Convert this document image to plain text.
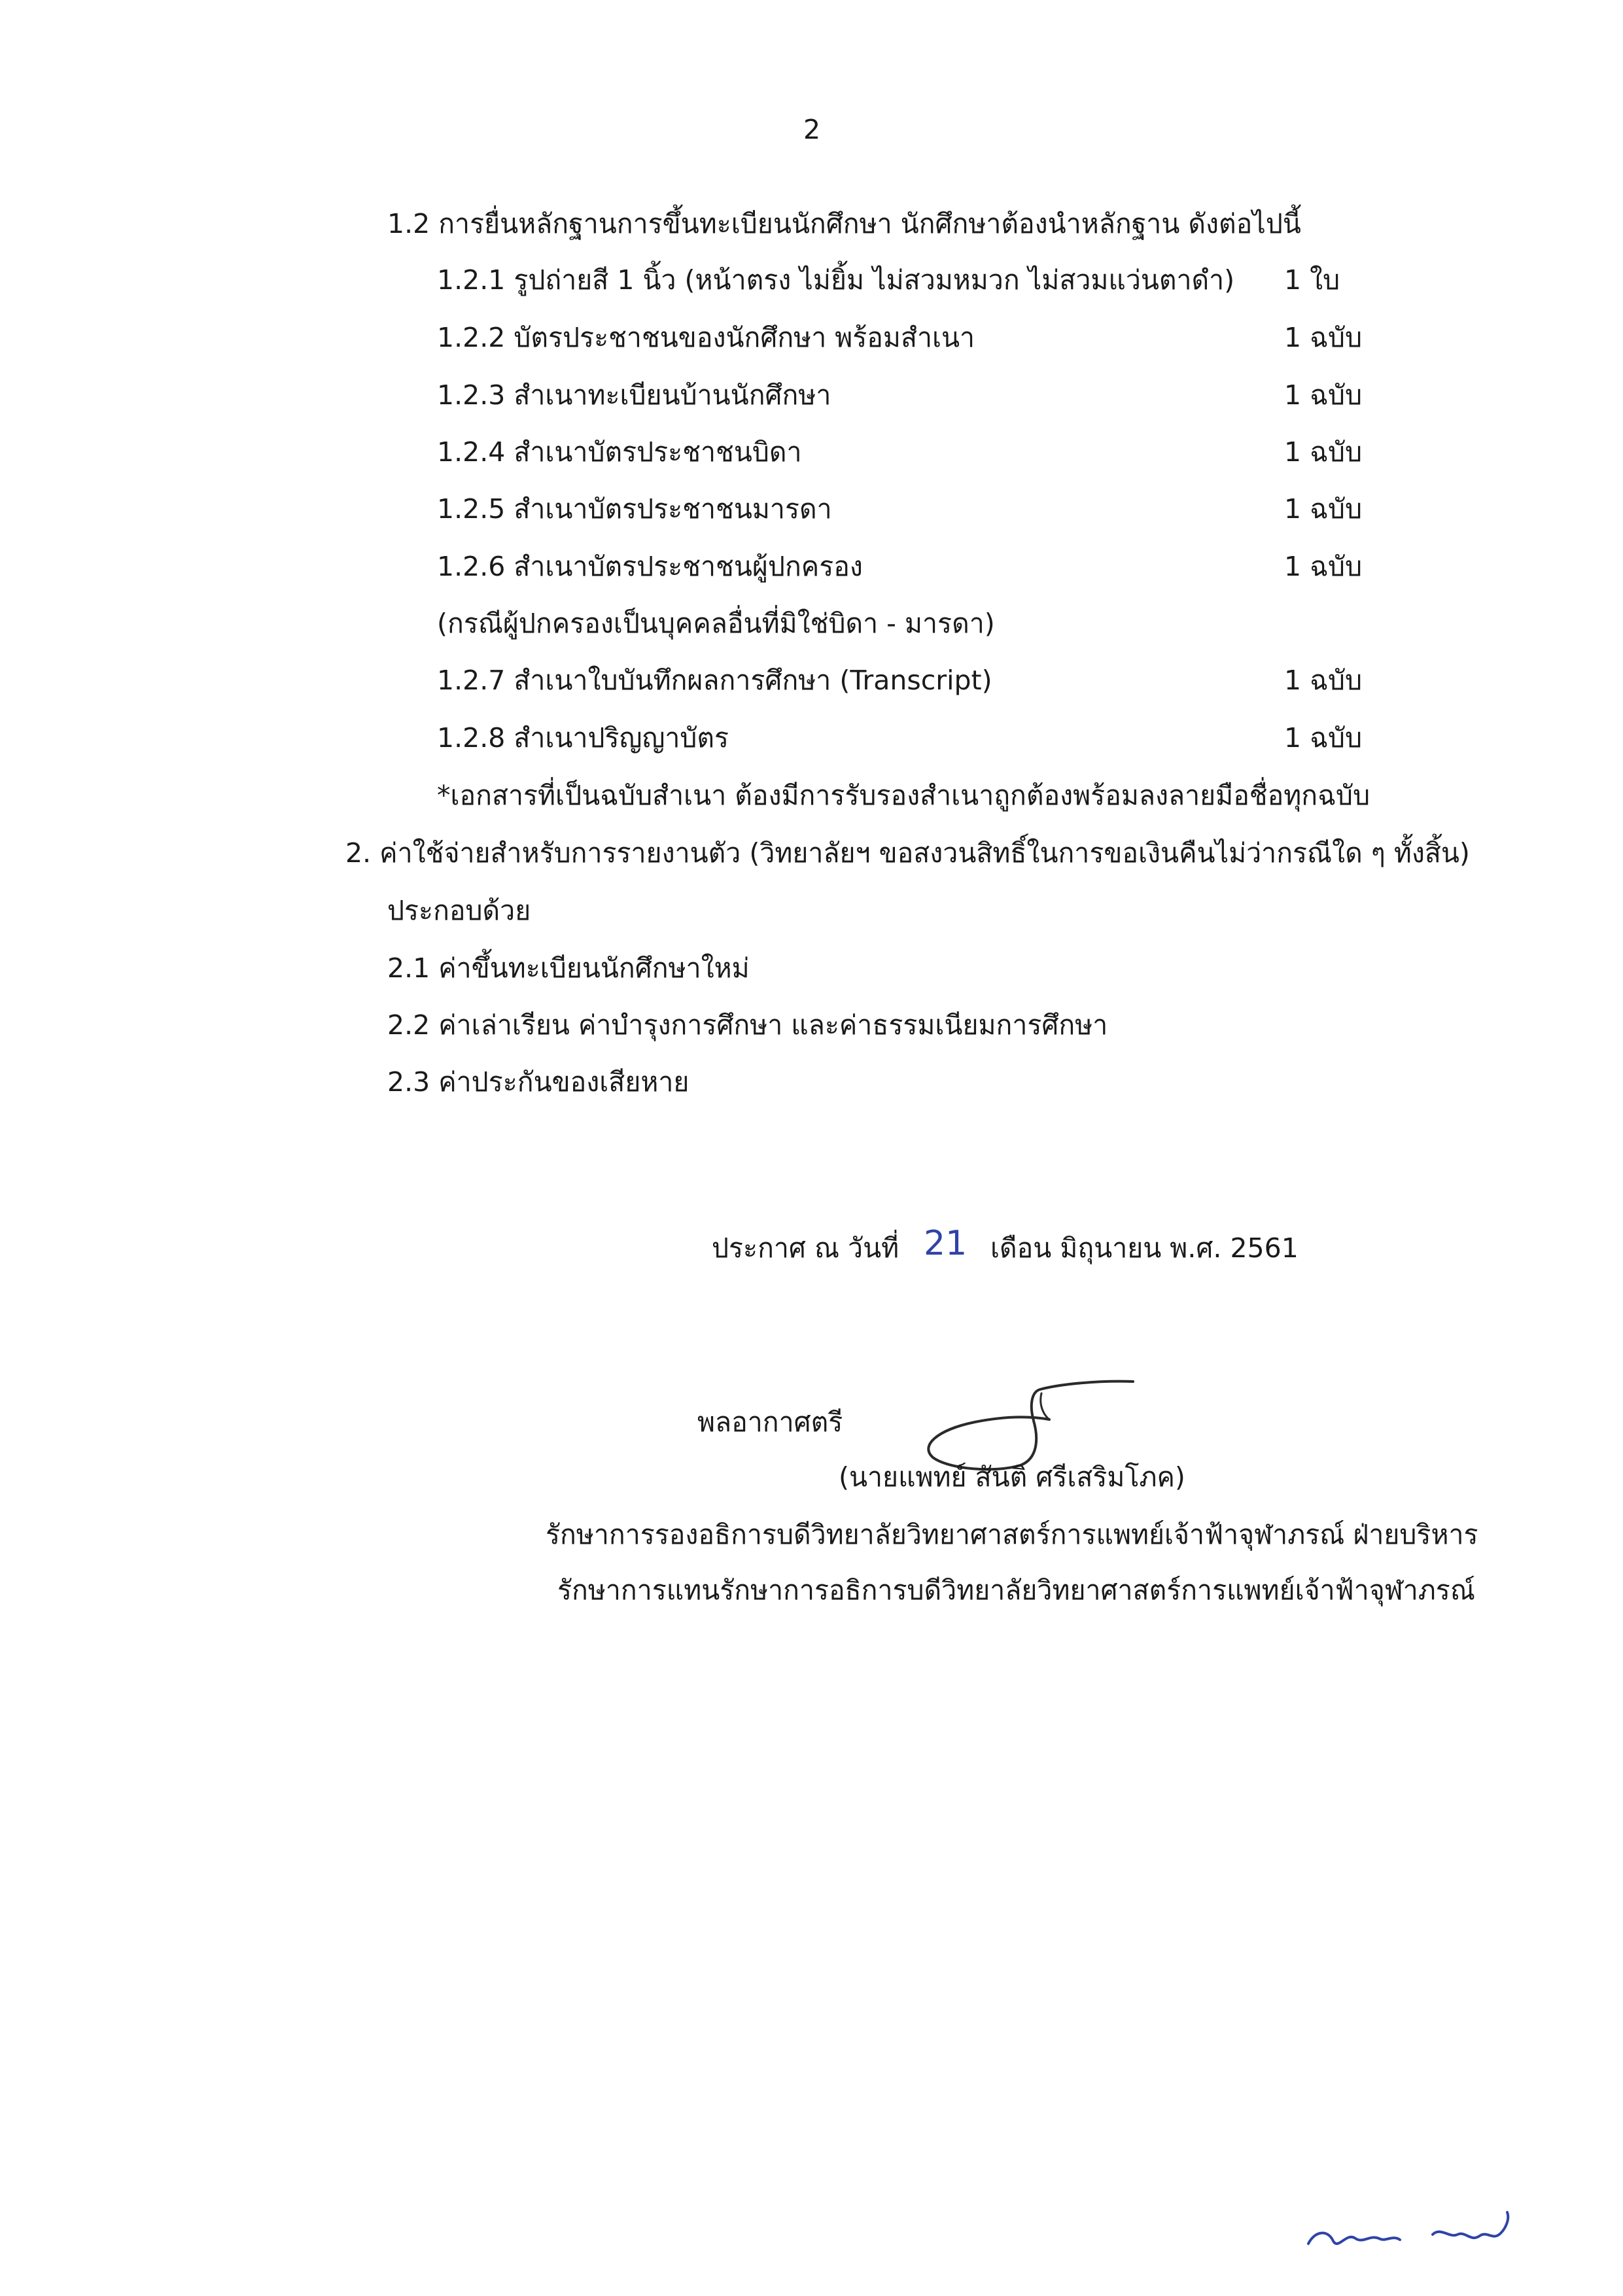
2
1.2 การยื่นหลักฐานการขึ้นทะเบียนนักศึกษา นักศึกษาต้องนำหลักฐาน ดังต่อไปนี้
1.2.1 รูปถ่ายสี 1 นิ้ว (หน้าตรง ไม่ยิ้ม ไม่สวมหมวก ไม่สวมแว่นตาดำ) 1 ใบ
1.2.2 บัตรประชาชนของนักศึกษา พร้อมสำเนา	1 ฉบับ
1.2.3 สำเนาทะเบียนบ้านนักศึกษา	1 ฉบับ
1.2.4 สำเนาบัตรประชาชนบิดา	1 ฉบับ
1.2.5 สำเนาบัตรประชาชนมารดา	1 ฉบับ
1.2.6 สำเนาบัตรประชาชนผู้ปกครอง	1 ฉบับ
(กรณีผู้ปกครองเป็นบุคคลอื่นที่มิใช่บิดา - มารดา)
1.2.7 สำเนาใบบันทึกผลการศึกษา (Transcript)	1 ฉบับ
1.2.8 สำเนาปริญญาบัตร	1 ฉบับ
*เอกสารที่เป็นฉบับสำเนา ต้องมีการรับรองสำเนาถูกต้องพร้อมลงลายมือชื่อทุกฉบับ
2. ค่าใช้จ่ายสำหรับการรายงานตัว (วิทยาลัยฯ ขอสงวนสิทธิ์ในการขอเงินคืนไม่ว่ากรณีใด ๆ ทั้งสิ้น)
ประกอบด้วย
2.1 ค่าขึ้นทะเบียนนักศึกษาใหม่
2.2 ค่าเล่าเรียน ค่าบำรุงการศึกษา และค่าธรรมเนียมการศึกษา
2.3 ค่าประกันของเสียหาย
ประกาศ ณ วันที่ 21 เดือน มิถุนายน พ.ศ. 2561
พลอากาศตรี
(นายแพทย์ สันติ ศรีเสริมโภค)
รักษาการรองอธิการบดีวิทยาลัยวิทยาศาสตร์การแพทย์เจ้าฟ้าจุฬาภรณ์ ฝ่ายบริหาร
รักษาการแทนรักษาการอธิการบดีวิทยาลัยวิทยาศาสตร์การแพทย์เจ้าฟ้าจุฬาภรณ์
